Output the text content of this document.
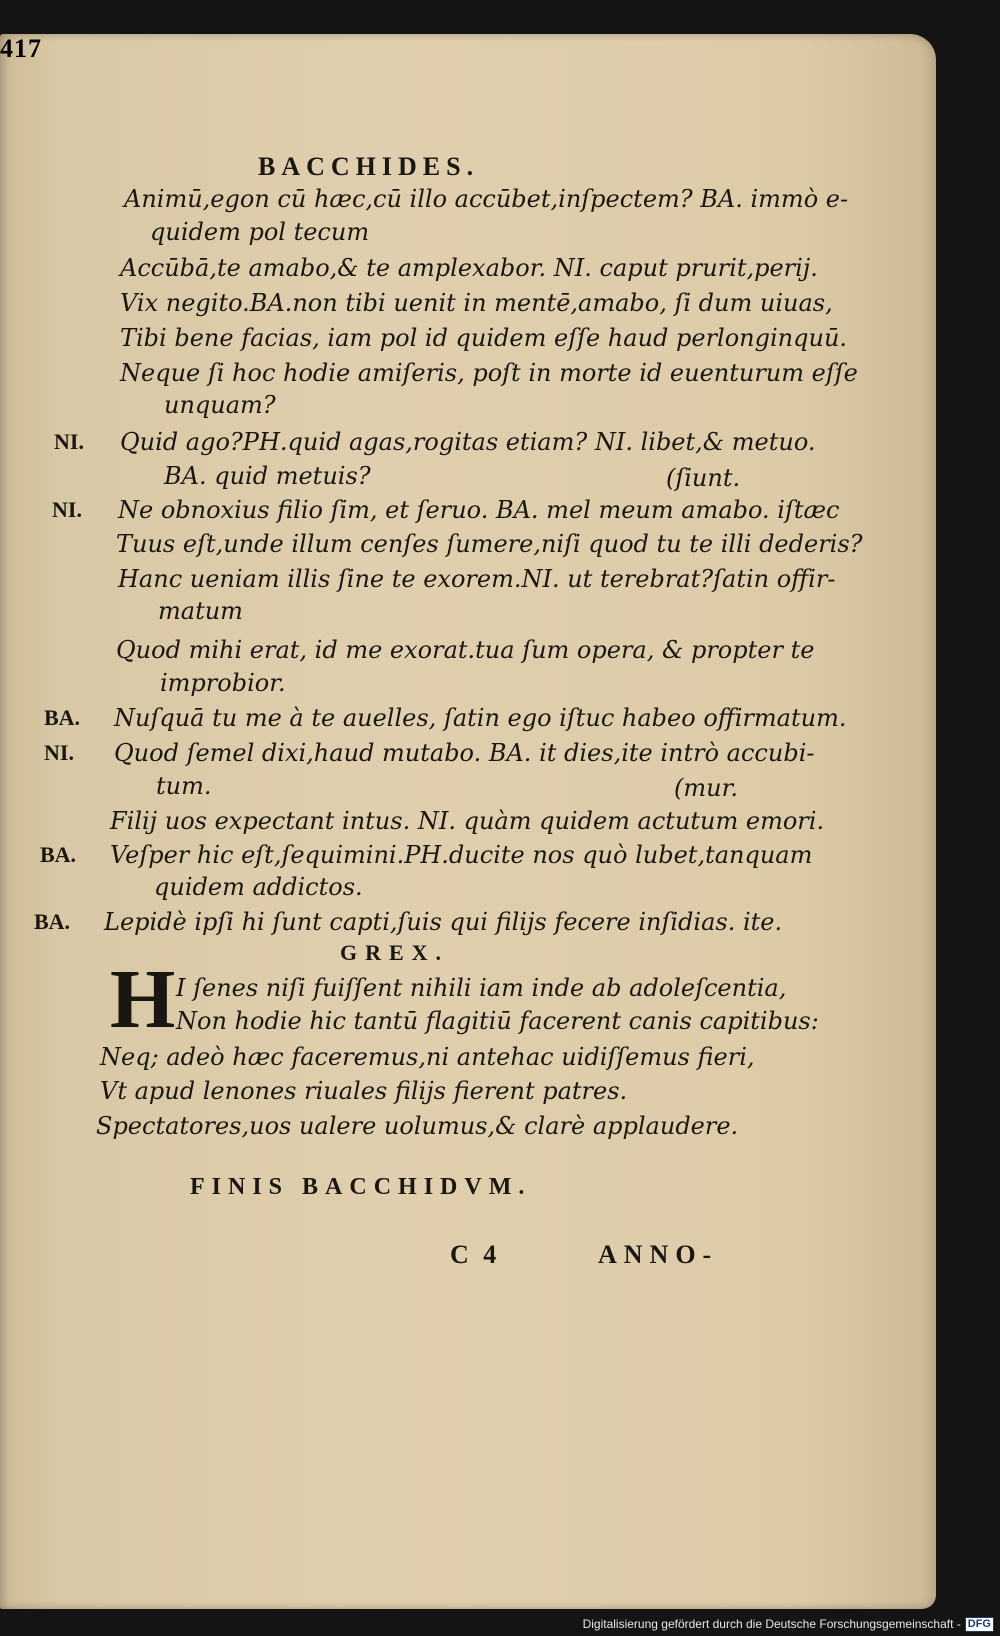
BACCHIDES.
417
Animū,egon cū hæc,cū illo accūbet,inſpectem? BA. immò e-
quidem pol tecum
Accūbā,te amabo,& te amplexabor. NI. caput prurit,perij.
Vix negito.BA.non tibi uenit in mentē,amabo, ſi dum uiuas,
Tibi bene facias, iam pol id quidem eſſe haud perlonginquū.
Neque ſi hoc hodie amiſeris, poſt in morte id euenturum eſſe
unquam?
NI. Quid ago?PH.quid agas,rogitas etiam? NI. libet,& metuo.
BA. quid metuis?	(ſiunt.
NI. Ne obnoxius filio ſim, et ſeruo. BA. mel meum amabo. iſtæc
Tuus eſt,unde illum cenſes ſumere,niſi quod tu te illi dederis?
Hanc ueniam illis ſine te exorem.NI. ut terebrat?ſatin offir-
matum
Quod mihi erat, id me exorat.tua ſum opera, & propter te
improbior.
BA. Nuſquā tu me à te auelles, ſatin ego iſtuc habeo offirmatum.
NI. Quod ſemel dixi,haud mutabo. BA. it dies,ite intrò accubi-
tum.	(mur.
Filij uos expectant intus. NI. quàm quidem actutum emori.
BA. Veſper hic eſt,ſequimini.PH.ducite nos quò lubet,tanquam
quidem addictos.
BA. Lepidè ipſi hi ſunt capti,ſuis qui filijs fecere inſidias. ite.
GREX.
H I ſenes niſi fuiſſent nihili iam inde ab adoleſcentia,
Non hodie hic tantū flagitiū facerent canis capitibus:
Neq; adeò hæc faceremus,ni antehac uidiſſemus fieri,
Vt apud lenones riuales filijs fierent patres.
Spectatores,uos ualere uolumus,& clarè applaudere.
FINIS BACCHIDVM.
C 4	ANNO-
Digitalisierung gefördert durch die Deutsche Forschungsgemeinschaft - DFG
